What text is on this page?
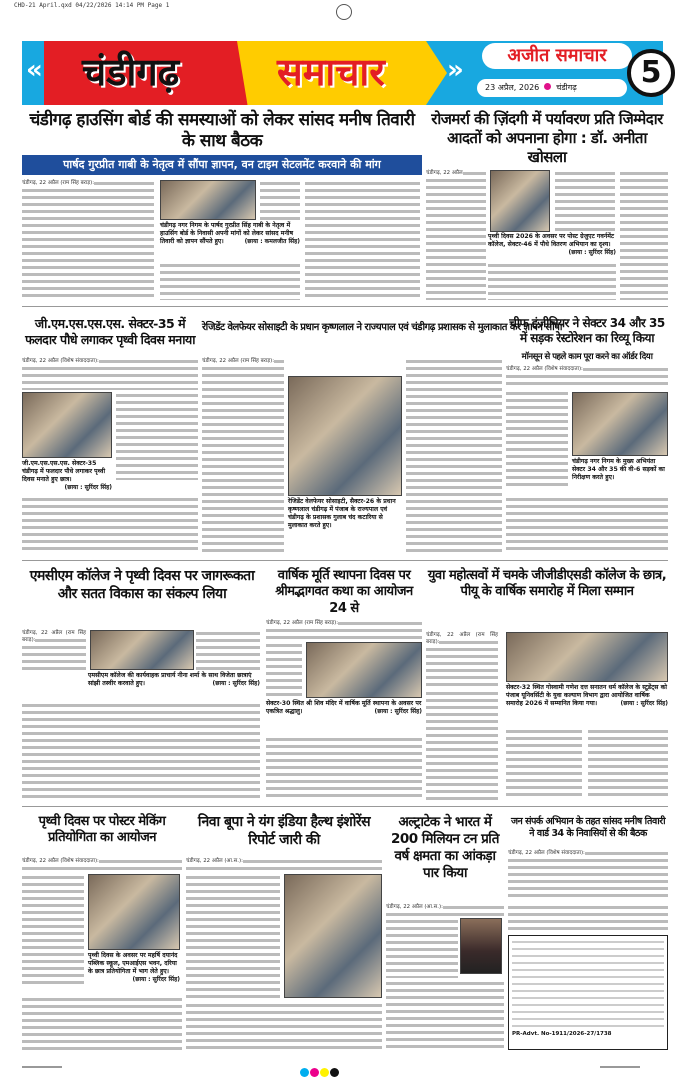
CHD-21 April.qxd 04/22/2026 14:14 PM Page 1
«	»
चंडीगढ़	समाचार	अजीत समाचार
23 अप्रैल, 2026 चंडीगढ़	5
चंडीगढ़ हाउसिंग बोर्ड की समस्याओं को लेकर सांसद मनीष तिवारी के साथ बैठक
पार्षद गुरप्रीत गाबी के नेतृत्व में सौंपा ज्ञापन, वन टाइम सेटलमेंट करवाने की मांग
चंडीगढ़, 22 अप्रैल (राम सिंह बराड़):
चंडीगढ़ नगर निगम के पार्षद गुरप्रीत सिंह गाबी के नेतृत्व में हाउसिंग बोर्ड के निवासी अपनी मांगों को लेकर सांसद मनीष तिवारी को ज्ञापन सौंपते हुए।	(छाया : कमलजीत सिंह)
रोजमर्रा की ज़िंदगी में पर्यावरण प्रति जिम्मेदार आदतों को अपनाना होगा : डॉ. अनीता खोसला
चंडीगढ़, 22 अप्रैल
पृथ्वी दिवस 2026 के अवसर पर पोस्ट ग्रेजुएट गवर्नमेंट कॉलेज, सेक्टर-46 में पौधे वितरण अभियान का दृश्य।
(छाया : सुरिंदर सिंह)
जी.एम.एस.एस.एस. सेक्टर-35 में फलदार पौधे लगाकर पृथ्वी दिवस मनाया
चंडीगढ़, 22 अप्रैल (विशेष संवाददाता):
जी.एम.एस.एस.एस. सेक्टर-35 चंडीगढ़ में फलदार पौधे लगाकर पृथ्वी दिवस मनाते हुए छात्र।
(छाया : सुरिंदर सिंह)
रेजिडेंट वेलफेयर सोसाइटी के प्रधान कृष्णलाल ने राज्यपाल एवं चंडीगढ़ प्रशासक से मुलाकात कर ज्ञापन सौंपा
चंडीगढ़, 22 अप्रैल (राम सिंह बराड़):
रेजिडेंट वेलफेयर सोसाइटी, सैक्टर-26 के प्रधान कृष्णलाल चंडीगढ़ में पंजाब के राज्यपाल एवं चंडीगढ़ के प्रशासक गुलाब चंद कटारिया से मुलाकात करते हुए।
चीफ इंजीनियर ने सेक्टर 34 और 35 में सड़क रेस्टोरेशन का रिव्यू किया
मॉनसून से पहले काम पूरा करने का ऑर्डर दिया
चंडीगढ़, 22 अप्रैल (विशेष संवाददाता):
चंडीगढ़ नगर निगम के मुख्य अभियंता सेक्टर 34 और 35 की वी-6 सड़कों का निरीक्षण करते हुए।
एमसीएम कॉलेज ने पृथ्वी दिवस पर जागरूकता और सतत विकास का संकल्प लिया
चंडीगढ़, 22 अप्रैल (राम सिंह बराड़):
एमसीएम कॉलेज की कार्यवाहक प्राचार्य नीना शर्मा के साथ विजेता छात्राएं सांझी तस्वीर करवाते हुए।	(छाया : सुरिंदर सिंह)
वार्षिक मूर्ति स्थापना दिवस पर श्रीमद्भागवत कथा का आयोजन 24 से
चंडीगढ़, 22 अप्रैल (राम सिंह बराड़):
सेक्टर-30 स्थित श्री शिव मंदिर में वार्षिक मूर्ति स्थापना के अवसर पर एकत्रित श्रद्धालु।	(छाया : सुरिंदर सिंह)
युवा महोत्सवों में चमके जीजीडीएसडी कॉलेज के छात्र, पीयू के वार्षिक समारोह में मिला सम्मान
चंडीगढ़, 22 अप्रैल (राम सिंह बराड़):
सेक्टर-32 स्थित गोस्वामी गणेश दत्त सनातन धर्म कॉलेज के स्टूडेंट्स को पंजाब यूनिवर्सिटी के युवा कल्याण विभाग द्वारा आयोजित वार्षिक समारोह 2026 में सम्मानित किया गया।	(छाया : सुरिंदर सिंह)
पृथ्वी दिवस पर पोस्टर मेकिंग प्रतियोगिता का आयोजन
चंडीगढ़, 22 अप्रैल (विशेष संवाददाता):
पृथ्वी दिवस के अवसर पर महर्षि दयानंद पब्लिक स्कूल, एमआईएस भवन, दरिया के छात्र प्रतियोगिता में भाग लेते हुए।
(छाया : सुरिंदर सिंह)
निवा बूपा ने यंग इंडिया हैल्थ इंशोरेंस रिपोर्ट जारी की
चंडीगढ़, 22 अप्रैल (आ.स.):
अल्ट्राटेक ने भारत में 200 मिलियन टन प्रति वर्ष क्षमता का आंकड़ा पार किया
चंडीगढ़, 22 अप्रैल (आ.स.):
जन संपर्क अभियान के तहत सांसद मनीष तिवारी ने वार्ड 34 के निवासियों से की बैठक
चंडीगढ़, 22 अप्रैल (विशेष संवाददाता):
PR-Advt. No-1911/2026-27/1738
